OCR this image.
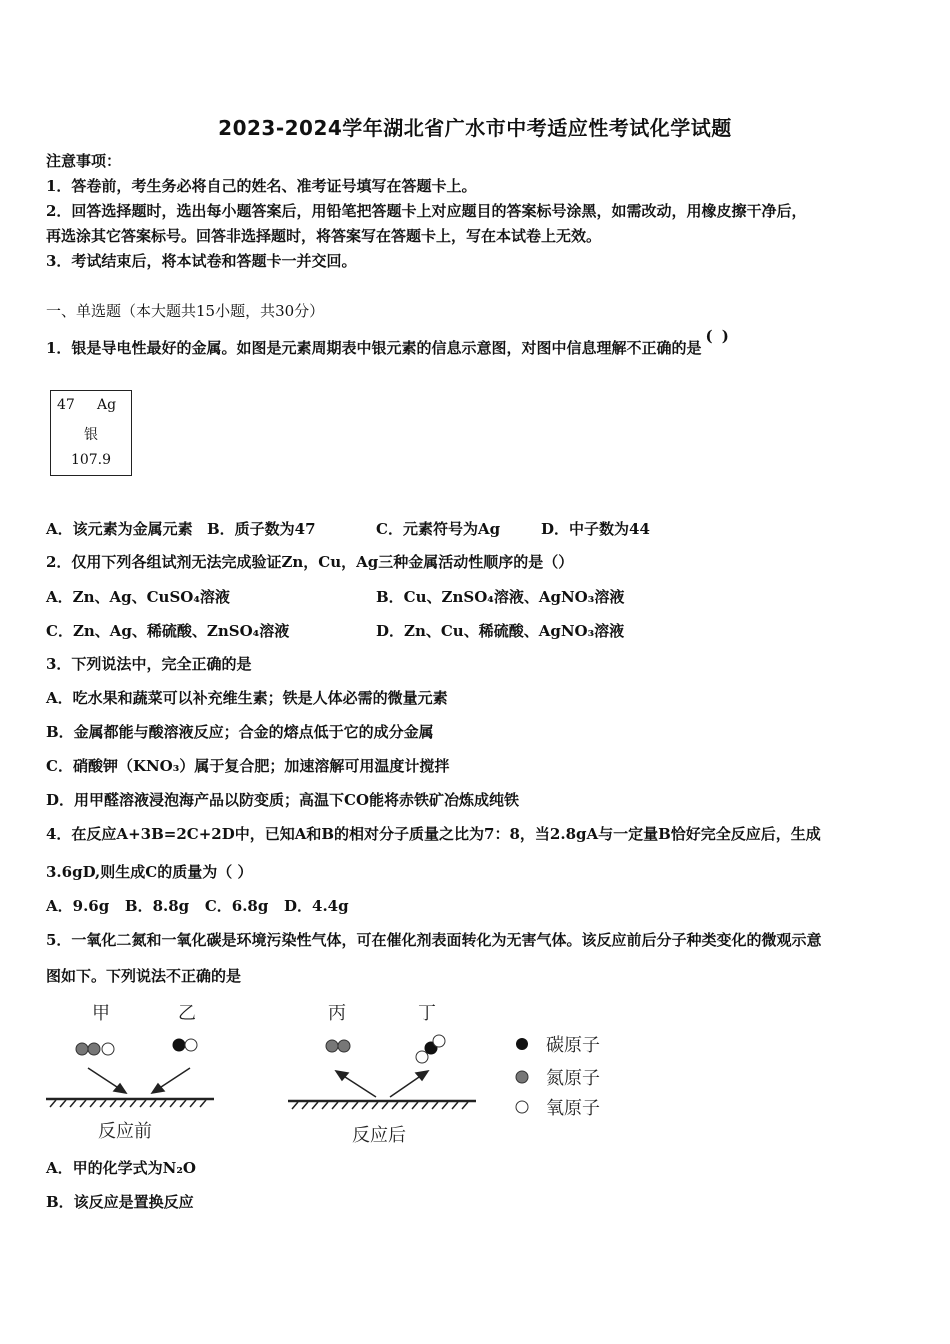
2023-2024学年湖北省广水市中考适应性考试化学试题
注意事项：
1．答卷前，考生务必将自己的姓名、准考证号填写在答题卡上。
2．回答选择题时，选出每小题答案后，用铅笔把答题卡上对应题目的答案标号涂黑，如需改动，用橡皮擦干净后，
再选涂其它答案标号。回答非选择题时，将答案写在答题卡上，写在本试卷上无效。
3．考试结束后，将本试卷和答题卡一并交回。
一、单选题（本大题共15小题，共30分）
1．银是导电性最好的金属。如图是元素周期表中银元素的信息示意图，对图中信息理解不正确的是( )
47 Ag
银
107.9
A．该元素为金属元素 B．质子数为47	C．元素符号为Ag	D．中子数为44
2．仅用下列各组试剂无法完成验证Zn，Cu，Ag三种金属活动性顺序的是（）
A．Zn、Ag、CuSO₄溶液	B．Cu、ZnSO₄溶液、AgNO₃溶液
C．Zn、Ag、稀硫酸、ZnSO₄溶液	D．Zn、Cu、稀硫酸、AgNO₃溶液
3．下列说法中，完全正确的是
A．吃水果和蔬菜可以补充维生素；铁是人体必需的微量元素
B．金属都能与酸溶液反应；合金的熔点低于它的成分金属
C．硝酸钾（KNO₃）属于复合肥；加速溶解可用温度计搅拌
D．用甲醛溶液浸泡海产品以防变质；高温下CO能将赤铁矿冶炼成纯铁
4．在反应A+3B=2C+2D中，已知A和B的相对分子质量之比为7：8，当2.8gA与一定量B恰好完全反应后，生成
3.6gD,则生成C的质量为（ ）
A．9.6g   B．8.8g   C．6.8g   D．4.4g
5．一氧化二氮和一氧化碳是环境污染性气体，可在催化剂表面转化为无害气体。该反应前后分子种类变化的微观示意
图如下。下列说法不正确的是
甲	乙	丙	丁
反应前	反应后
碳原子
氮原子
氧原子
A．甲的化学式为N₂O
B．该反应是置换反应
